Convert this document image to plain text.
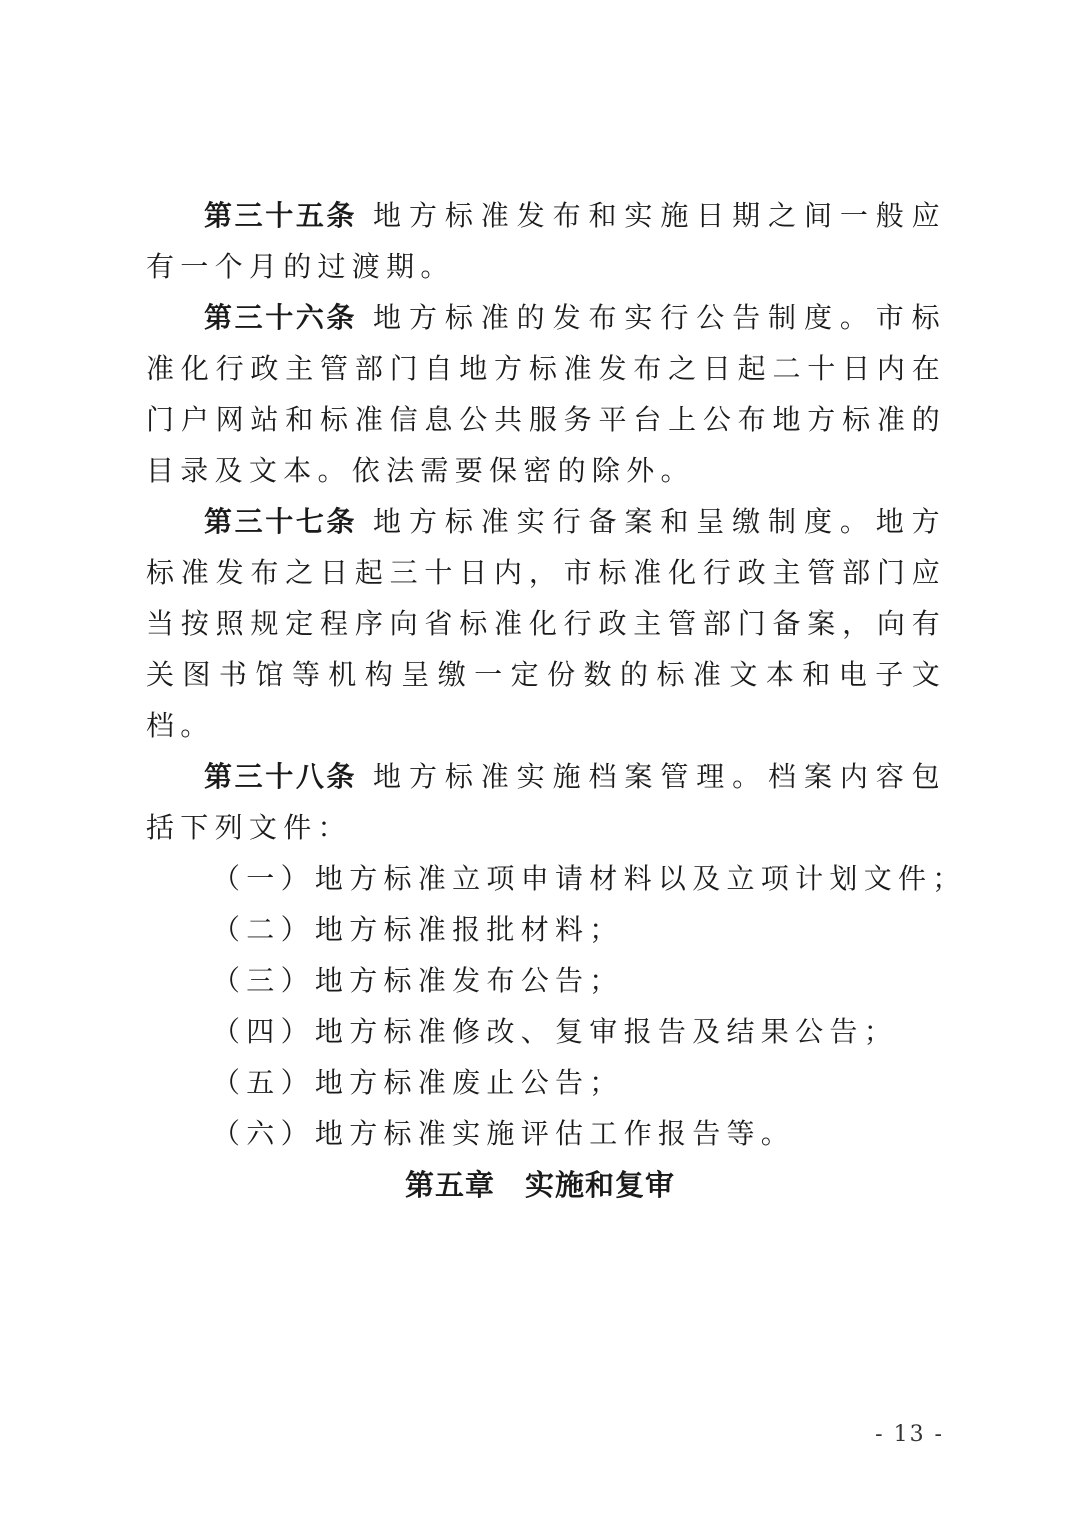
第三十五条 地方标准发布和实施日期之间一般应有一个月的过渡期。

第三十六条 地方标准的发布实行公告制度。市标准化行政主管部门自地方标准发布之日起二十日内在门户网站和标准信息公共服务平台上公布地方标准的目录及文本。依法需要保密的除外。

第三十七条 地方标准实行备案和呈缴制度。地方标准发布之日起三十日内，市标准化行政主管部门应当按照规定程序向省标准化行政主管部门备案，向有关图书馆等机构呈缴一定份数的标准文本和电子文档。

第三十八条 地方标准实施档案管理。档案内容包括下列文件：

（一）地方标准立项申请材料以及立项计划文件；

（二）地方标准报批材料；

（三）地方标准发布公告；

（四）地方标准修改、复审报告及结果公告；

（五）地方标准废止公告；

（六）地方标准实施评估工作报告等。

第五章　实施和复审
- 13 -
